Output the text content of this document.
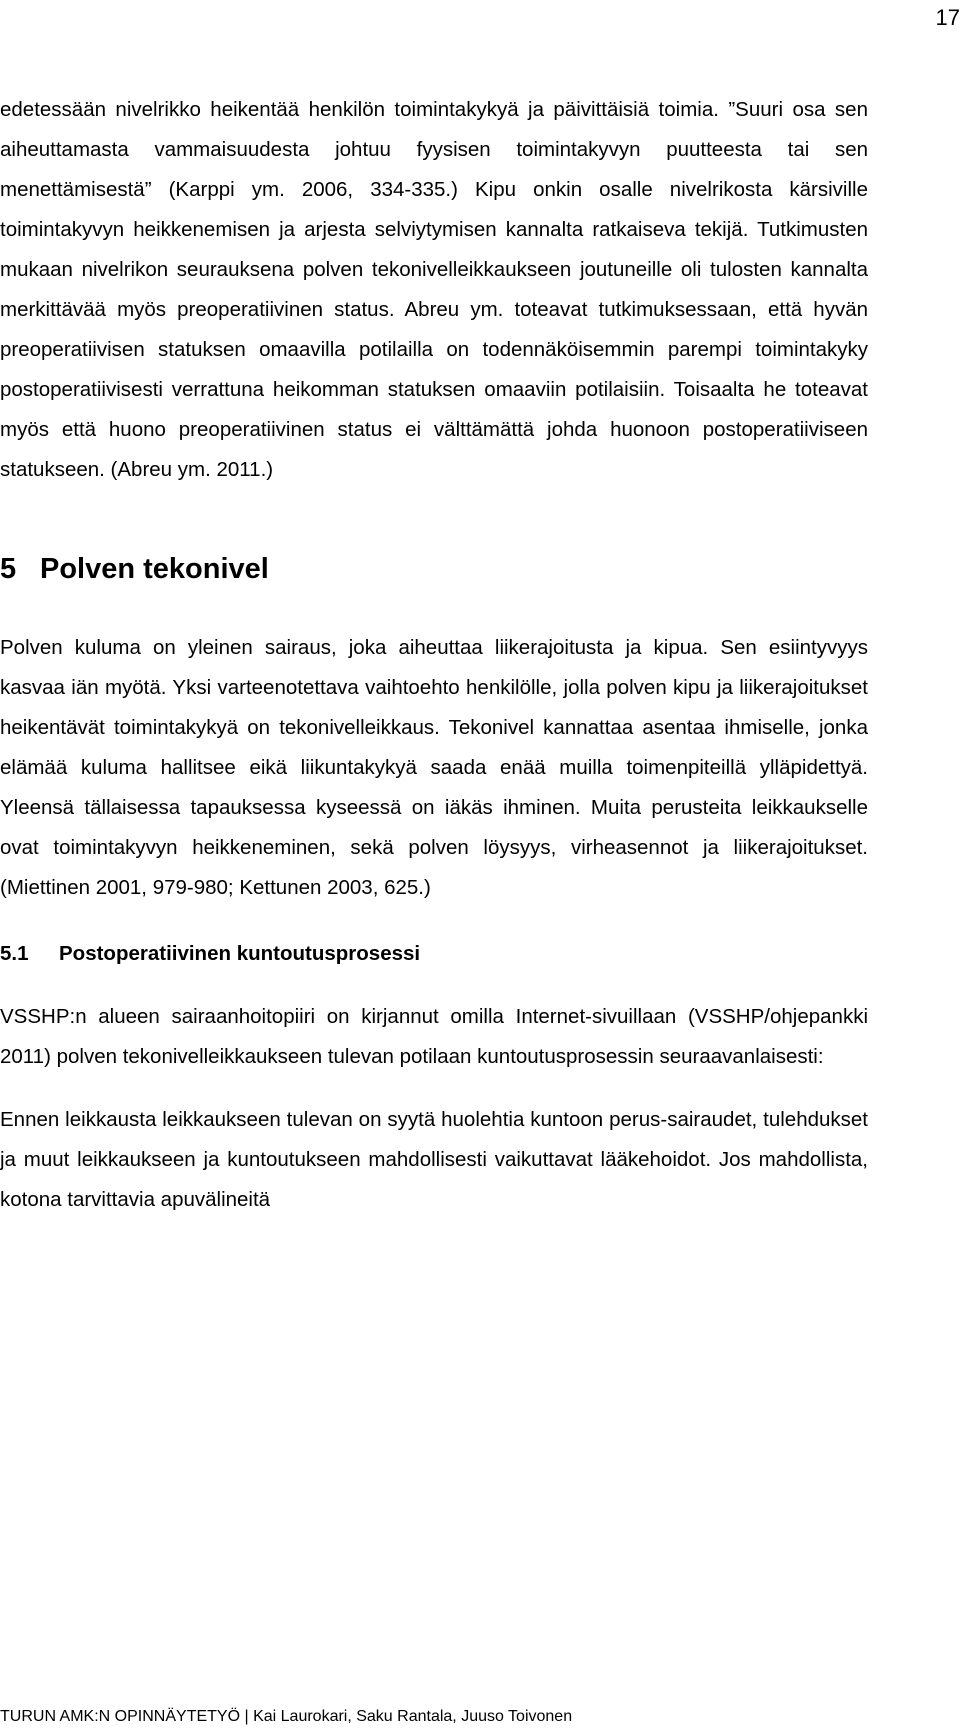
17

edetessään nivelrikko heikentää henkilön toimintakykyä ja päivittäisiä toimia. ”Suuri osa sen aiheuttamasta vammaisuudesta johtuu fyysisen toimintakyvyn puutteesta tai sen menettämisestä” (Karppi ym. 2006, 334-335.) Kipu onkin osalle nivelrikosta kärsiville toimintakyvyn heikkenemisen ja arjesta selviytymisen kannalta ratkaiseva tekijä. Tutkimusten mukaan nivelrikon seurauksena polven tekonivelleikkaukseen joutuneille oli tulosten kannalta merkittävää myös preoperatiivinen status. Abreu ym. toteavat tutkimuksessaan, että hyvän preoperatiivisen statuksen omaavilla potilailla on todennäköisemmin parempi toimintakyky postoperatiivisesti verrattuna heikomman statuksen omaaviin potilaisiin. Toisaalta he toteavat myös että huono preoperatiivinen status ei välttämättä johda huonoon postoperatiiviseen statukseen. (Abreu ym. 2011.)

5 Polven tekonivel

Polven kuluma on yleinen sairaus, joka aiheuttaa liikerajoitusta ja kipua. Sen esiintyvyys kasvaa iän myötä. Yksi varteenotettava vaihtoehto henkilölle, jolla polven kipu ja liikerajoitukset heikentävät toimintakykyä on tekonivelleikkaus. Tekonivel kannattaa asentaa ihmiselle, jonka elämää kuluma hallitsee eikä liikuntakykyä saada enää muilla toimenpiteillä ylläpidettyä. Yleensä tällaisessa tapauksessa kyseessä on iäkäs ihminen. Muita perusteita leikkaukselle ovat toimintakyvyn heikkeneminen, sekä polven löysyys, virheasennot ja liikerajoitukset. (Miettinen 2001, 979-980; Kettunen 2003, 625.)

5.1 Postoperatiivinen kuntoutusprosessi

VSSHP:n alueen sairaanhoitopiiri on kirjannut omilla Internet-sivuillaan (VSSHP/ohjepankki 2011) polven tekonivelleikkaukseen tulevan potilaan kuntoutusprosessin seuraavanlaisesti:

Ennen leikkausta leikkaukseen tulevan on syytä huolehtia kuntoon perus-sairaudet, tulehdukset ja muut leikkaukseen ja kuntoutukseen mahdollisesti vaikuttavat lääkehoidot. Jos mahdollista, kotona tarvittavia apuvälineitä

TURUN AMK:N OPINNÄYTETYÖ | Kai Laurokari, Saku Rantala, Juuso Toivonen
